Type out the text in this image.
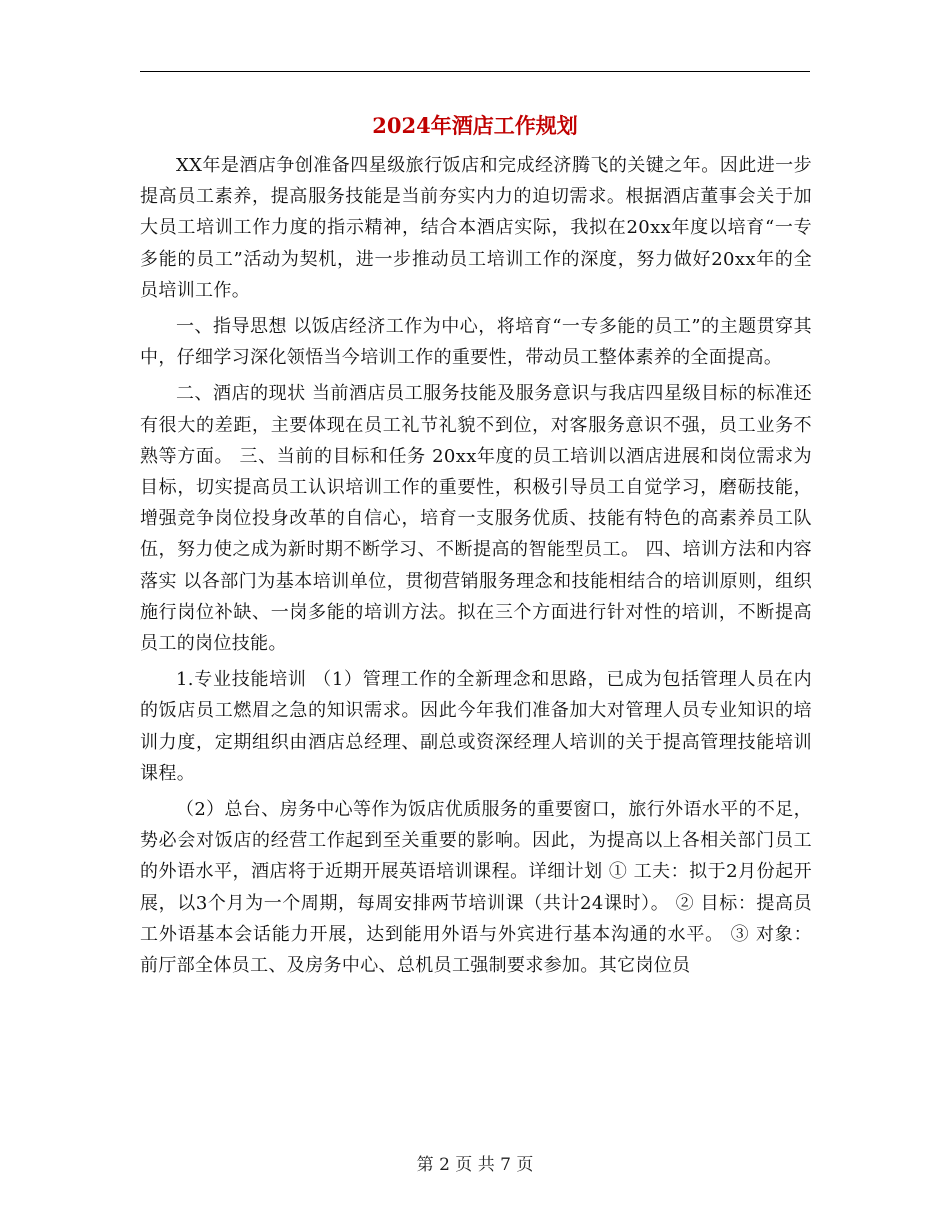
2024年酒店工作规划

XX年是酒店争创准备四星级旅行饭店和完成经济腾飞的关键之年。因此进一步提高员工素养，提高服务技能是当前夯实内力的迫切需求。根据酒店董事会关于加大员工培训工作力度的指示精神，结合本酒店实际，我拟在20xx年度以培育“一专多能的员工”活动为契机，进一步推动员工培训工作的深度，努力做好20xx年的全员培训工作。

一、指导思想 以饭店经济工作为中心，将培育“一专多能的员工”的主题贯穿其中，仔细学习深化领悟当今培训工作的重要性，带动员工整体素养的全面提高。

二、酒店的现状 当前酒店员工服务技能及服务意识与我店四星级目标的标准还有很大的差距，主要体现在员工礼节礼貌不到位，对客服务意识不强，员工业务不熟等方面。 三、当前的目标和任务 20xx年度的员工培训以酒店进展和岗位需求为目标，切实提高员工认识培训工作的重要性，积极引导员工自觉学习，磨砺技能，增强竞争岗位投身改革的自信心，培育一支服务优质、技能有特色的高素养员工队伍，努力使之成为新时期不断学习、不断提高的智能型员工。 四、培训方法和内容落实 以各部门为基本培训单位，贯彻营销服务理念和技能相结合的培训原则，组织施行岗位补缺、一岗多能的培训方法。拟在三个方面进行针对性的培训，不断提高员工的岗位技能。

1.专业技能培训 （1）管理工作的全新理念和思路，已成为包括管理人员在内的饭店员工燃眉之急的知识需求。因此今年我们准备加大对管理人员专业知识的培训力度，定期组织由酒店总经理、副总或资深经理人培训的关于提高管理技能培训课程。

（2）总台、房务中心等作为饭店优质服务的重要窗口，旅行外语水平的不足，势必会对饭店的经营工作起到至关重要的影响。因此，为提高以上各相关部门员工的外语水平，酒店将于近期开展英语培训课程。详细计划 ① 工夫：拟于2月份起开展，以3个月为一个周期，每周安排两节培训课（共计24课时）。 ② 目标：提高员工外语基本会话能力开展，达到能用外语与外宾进行基本沟通的水平。 ③ 对象：前厅部全体员工、及房务中心、总机员工强制要求参加。其它岗位员

第 2 页 共 7 页
